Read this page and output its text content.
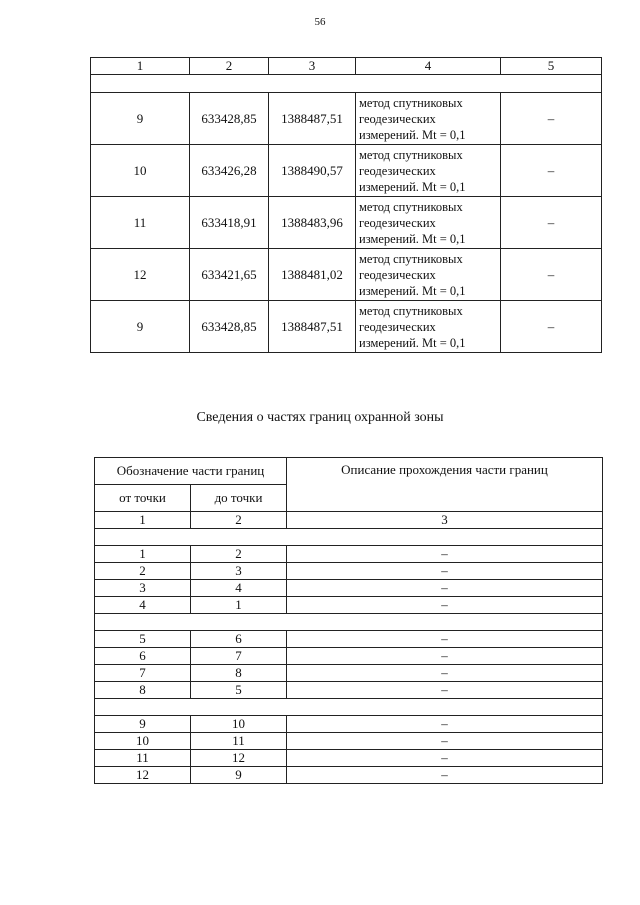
56
1	2	3	4	5

9	633428,85	1388487,51	метод спутниковых геодезических измерений. Mt = 0,1	–
10	633426,28	1388490,57	метод спутниковых геодезических измерений. Mt = 0,1	–
11	633418,91	1388483,96	метод спутниковых геодезических измерений. Mt = 0,1	–
12	633421,65	1388481,02	метод спутниковых геодезических измерений. Mt = 0,1	–
9	633428,85	1388487,51	метод спутниковых геодезических измерений. Mt = 0,1	–
Сведения о частях границ охранной зоны
Обозначение части границ		Описание прохождения части границ
от точки	до точки	
1	2	3

1	2	–
2	3	–
3	4	–
4	1	–

5	6	–
6	7	–
7	8	–
8	5	–

9	10	–
10	11	–
11	12	–
12	9	–
